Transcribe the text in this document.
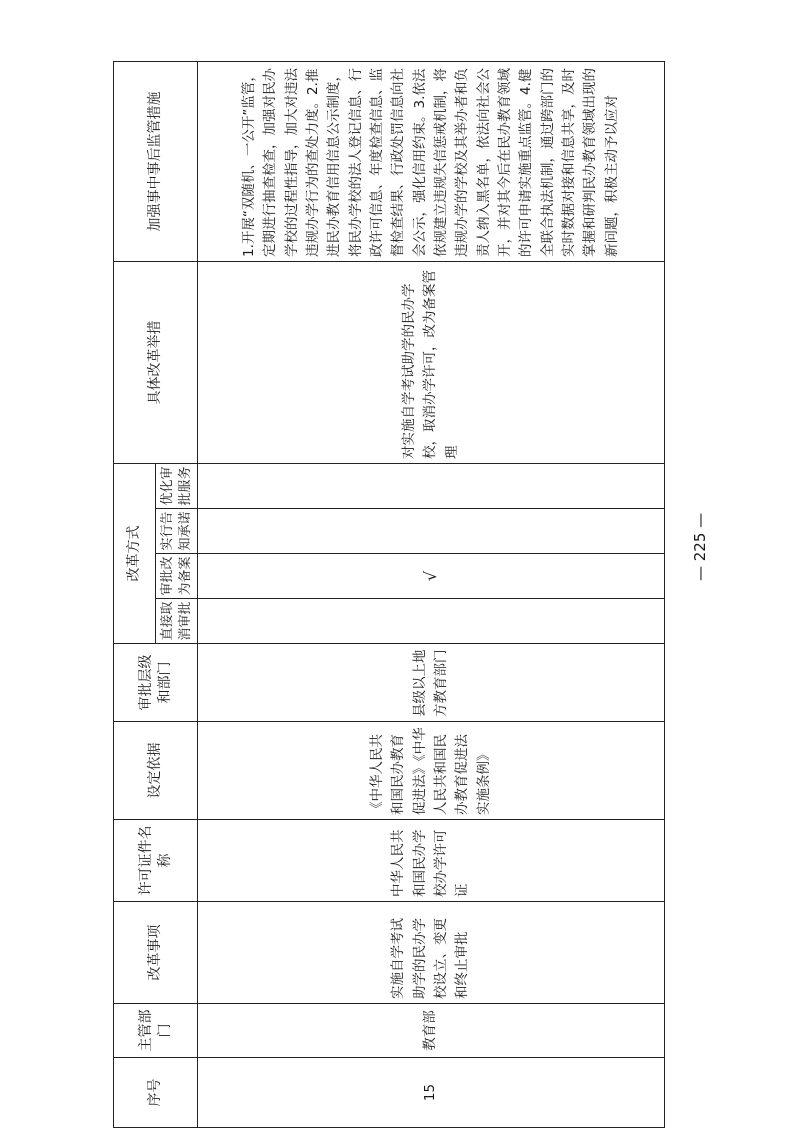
序号	主管部门	改革事项	许可证件名称	设定依据	审批层级和部门	改革方式				具体改革举措	加强事中事后监管措施
						直接取消审批	审批改为备案	实行告知承诺	优化审批服务		
15	教育部	实施自学考试助学的民办学校设立、变更和终止审批	中华人民共和国民办学校办学许可证	《中华人民共和国民办教育促进法》《中华人民共和国民办教育促进法实施条例》	县级以上地方教育部门		√			对实施自学考试助学的民办学校，取消办学许可，改为备案管理	1.开展“双随机、一公开”监管，定期进行抽查检查，加强对民办学校的过程性指导，加大对违法违规办学行为的查处力度。2.推进民办教育信用信息公示制度，将民办学校的法人登记信息、行政许可信息、年度检查信息、监督检查结果、行政处罚信息向社会公示，强化信用约束。3.依法依规建立违规失信惩戒机制，将违规办学的学校及其举办者和负责人纳入黑名单，依法向社会公开，并对其今后在民办教育领域的许可申请实施重点监管。4.健全联合执法机制，通过跨部门的实时数据对接和信息共享，及时掌握和研判民办教育领域出现的新问题，积极主动予以应对
— 225 —
